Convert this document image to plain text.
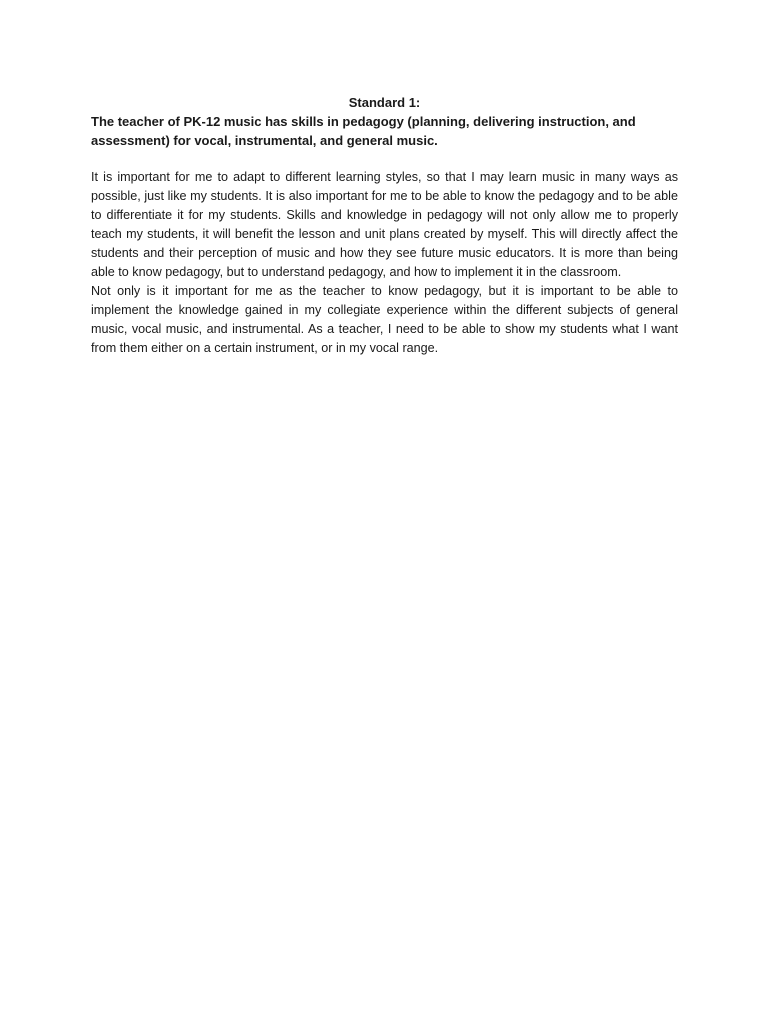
Standard 1:

The teacher of PK-12 music has skills in pedagogy (planning, delivering instruction, and assessment) for vocal, instrumental, and general music.

It is important for me to adapt to different learning styles, so that I may learn music in many ways as possible, just like my students. It is also important for me to be able to know the pedagogy and to be able to differentiate it for my students. Skills and knowledge in pedagogy will not only allow me to properly teach my students, it will benefit the lesson and unit plans created by myself. This will directly affect the students and their perception of music and how they see future music educators. It is more than being able to know pedagogy, but to understand pedagogy, and how to implement it in the classroom.

Not only is it important for me as the teacher to know pedagogy, but it is important to be able to implement the knowledge gained in my collegiate experience within the different subjects of general music, vocal music, and instrumental. As a teacher, I need to be able to show my students what I want from them either on a certain instrument, or in my vocal range.
